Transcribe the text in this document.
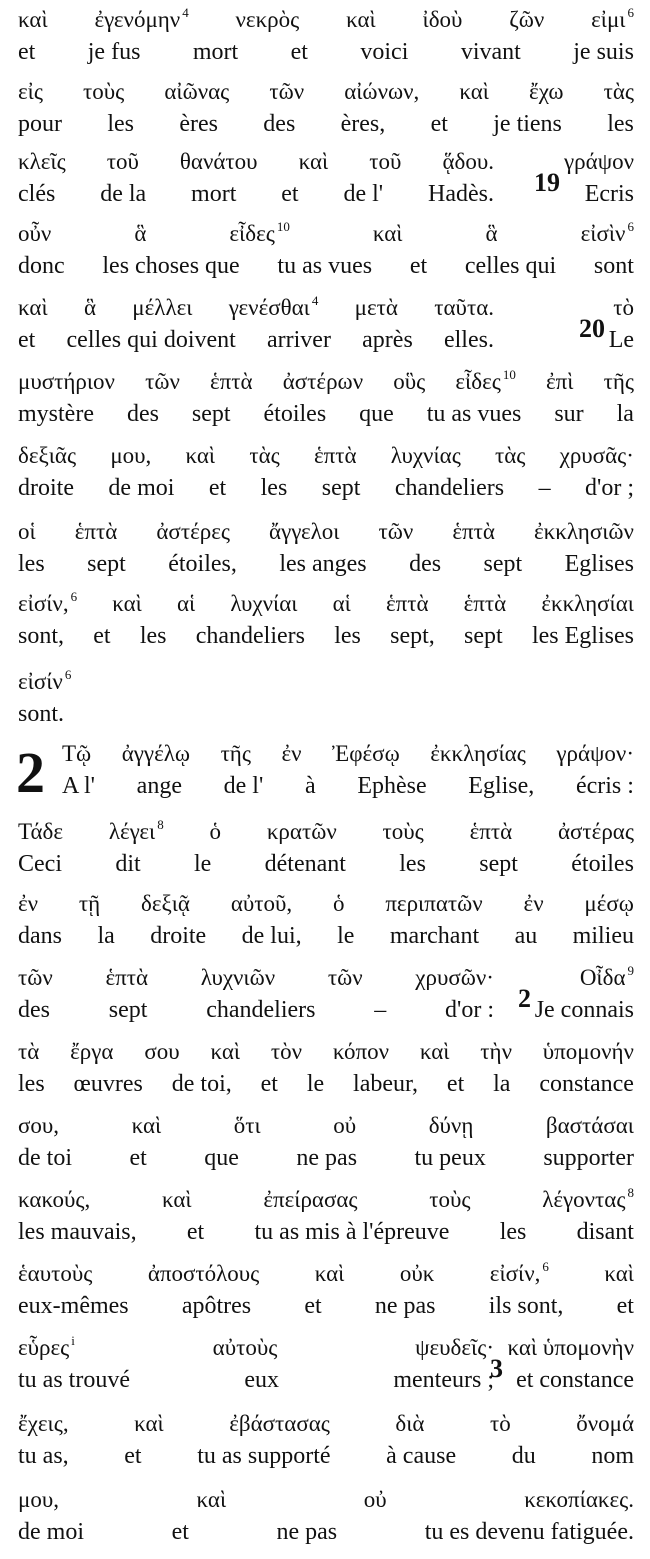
καὶ ἐγενόμην $^4$ νεκρὸς καὶ ἰδοὺ ζῶν εἰμι $^6$
et je fus mort et voici vivant je suis
εἰς τοὺς αἰῶνας τῶν αἰώνων, καὶ ἔχω τὰς
pour les ères des ères, et je tiens les
κλεῖς τοῦ θανάτου καὶ τοῦ ᾅδου.
clés de la mort et de l' Hadès. 19
γράψον
Ecris
οὖν	ἃ	εἶδες $^{10}$	καὶ	ἃ	εἰσὶν $^6$
donc les choses que tu as vues et celles qui sont
καὶ ἃ μέλλει γενέσθαι $^4$ μετὰ ταῦτα.
et celles qui doivent arriver après elles.	20
τὸ
Le
μυστήριον τῶν ἑπτὰ ἀστέρων οὓς εἶδες $^{10}$ ἐπὶ τῆς
mystère des sept étoiles que tu as vues sur la
δεξιᾶς μου, καὶ τὰς ἑπτὰ λυχνίας τὰς χρυσᾶς·
droite de moi et les sept chandeliers – d'or ;
οἱ ἑπτὰ ἀστέρες ἄγγελοι τῶν ἑπτὰ ἐκκλησιῶν
les sept étoiles, les anges des sept Eglises
εἰσίν, $^6$ καὶ αἱ λυχνίαι αἱ ἑπτὰ ἑπτὰ ἐκκλησίαι
sont, et les chandeliers les sept, sept les Eglises
εἰσίν $^6$
sont.
Τῷ ἀγγέλῳ τῆς ἐν Ἐφέσῳ ἐκκλησίας γράψον·
A l' ange de l' à Ephèse Eglise, écris :
2
Τάδε λέγει $^8$ ὁ κρατῶν τοὺς ἑπτὰ ἀστέρας
Ceci dit le détenant les sept étoiles
ἐν τῇ δεξιᾷ αὐτοῦ, ὁ περιπατῶν ἐν μέσῳ
dans la droite de lui, le marchant au milieu
τῶν ἑπτὰ λυχνιῶν τῶν χρυσῶν·
des sept chandeliers – d'or : 2
Οἶδα$^9$
Je connais
τὰ ἔργα σου καὶ τὸν κόπον καὶ τὴν ὑπομονήν
les œuvres de toi, et le labeur, et la constance
σου,	καὶ	ὅτι	οὐ	δύνῃ	βαστάσαι
de toi et que ne pas tu peux supporter
κακούς,	καὶ	ἐπείρασας	τοὺς	λέγοντας $^8$
les mauvais, et tu as mis à l'épreuve les disant
ἑαυτοὺς ἀποστόλους καὶ οὐκ εἰσίν, $^6$ καὶ
eux-mêmes apôtres et ne pas ils sont, et
εὗρες $^i$	αὐτοὺς	ψευδεῖς·
tu as trouvé	eux	menteurs ;
3
καὶ ὑπομονὴν
et constance
ἔχεις,	καὶ	ἐβάστασας	διὰ	τὸ	ὄνομά
tu as, et tu as supporté à cause du nom
μου,	καὶ	οὐ	κεκοπίακες.
de moi	et	ne pas	tu es devenu fatiguée.
